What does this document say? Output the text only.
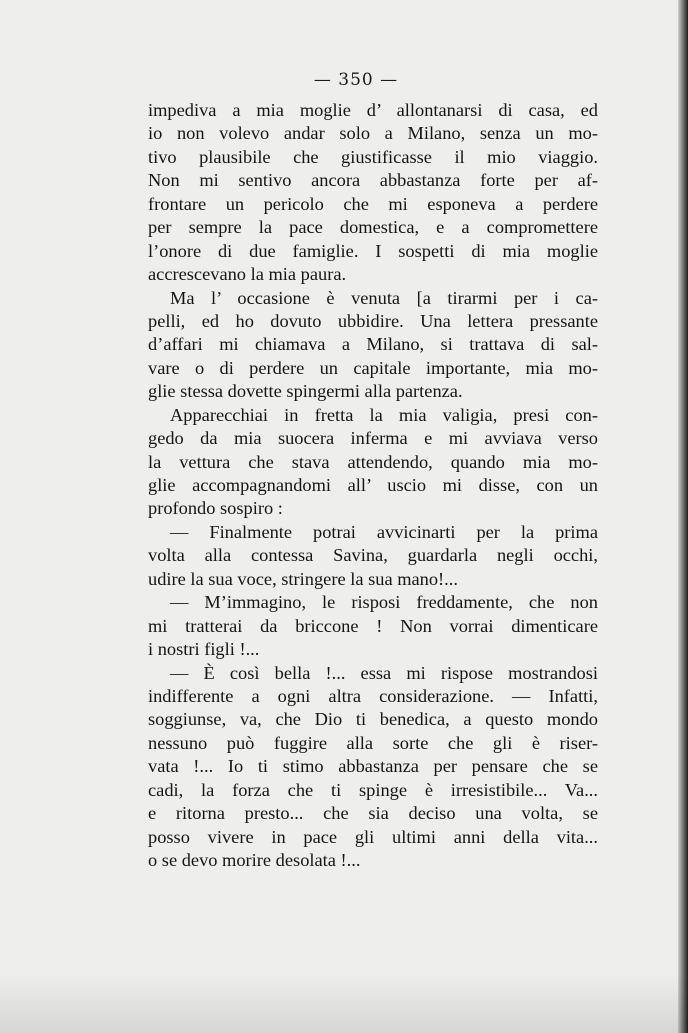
— 350 —
impediva a mia moglie d’ allontanarsi di casa, ed
io non volevo andar solo a Milano, senza un mo-
tivo plausibile che giustificasse il mio viaggio.
Non mi sentivo ancora abbastanza forte per af-
frontare un pericolo che mi esponeva a perdere
per sempre la pace domestica, e a compromettere
l’onore di due famiglie. I sospetti di mia moglie
accrescevano la mia paura.
Ma l’ occasione è venuta [a tirarmi per i ca-
pelli, ed ho dovuto ubbidire. Una lettera pressante
d’affari mi chiamava a Milano, si trattava di sal-
vare o di perdere un capitale importante, mia mo-
glie stessa dovette spingermi alla partenza.
Apparecchiai in fretta la mia valigia, presi con-
gedo da mia suocera inferma e mi avviava verso
la vettura che stava attendendo, quando mia mo-
glie accompagnandomi all’ uscio mi disse, con un
profondo sospiro :
— Finalmente potrai avvicinarti per la prima
volta alla contessa Savina, guardarla negli occhi,
udire la sua voce, stringere la sua mano!...
— M’immagino, le risposi freddamente, che non
mi tratterai da briccone ! Non vorrai dimenticare
i nostri figli !...
— È così bella !... essa mi rispose mostrandosi
indifferente a ogni altra considerazione. — Infatti,
soggiunse, va, che Dio ti benedica, a questo mondo
nessuno può fuggire alla sorte che gli è riser-
vata !... Io ti stimo abbastanza per pensare che se
cadi, la forza che ti spinge è irresistibile... Va...
e ritorna presto... che sia deciso una volta, se
posso vivere in pace gli ultimi anni della vita...
o se devo morire desolata !...
